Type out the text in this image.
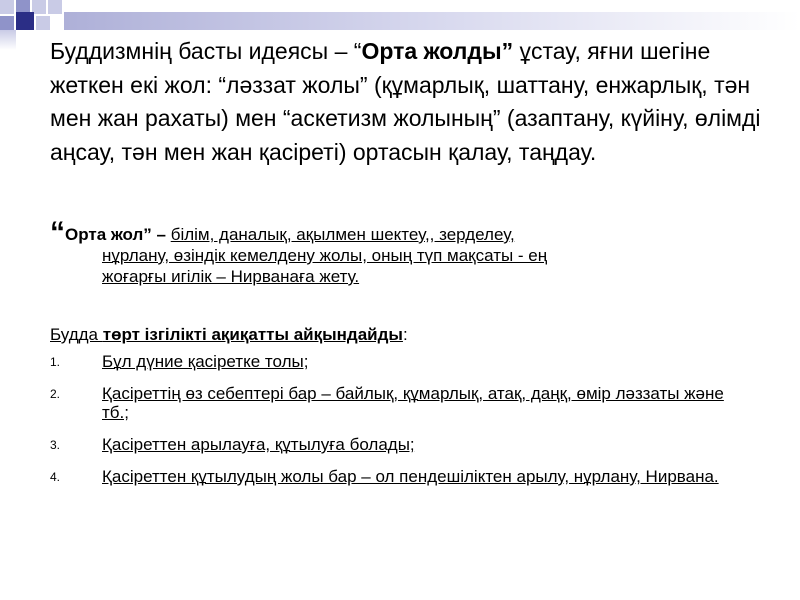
Буддизмнің басты идеясы – “Орта жолды” ұстау, яғни шегіне жеткен екі жол: “ләззат жолы” (құмарлық, шаттану, енжарлық, тән мен жан рахаты) мен “аскетизм жолының” (азаптану, күйіну, өлімді аңсау, тән мен жан қасіреті) ортасын қалау, таңдау.

“Орта жол” – білім, даналық, ақылмен шектеу,, зерделеу,
нұрлану, өзіндік кемелдену жолы, оның түп мақсаты - ең
жоғарғы игілік – Нирванаға жету.

Будда төрт ізгілікті ақиқатты айқындайды:

1. Бұл дүние қасіретке толы;
2. Қасіреттің өз себептері бар – байлық, құмарлық, атақ, даңқ, өмір ләззаты және тб.;
3. Қасіреттен арылауға, құтылуға болады;
4. Қасіреттен құтылудың жолы бар – ол пендешіліктен арылу, нұрлану, Нирвана.
